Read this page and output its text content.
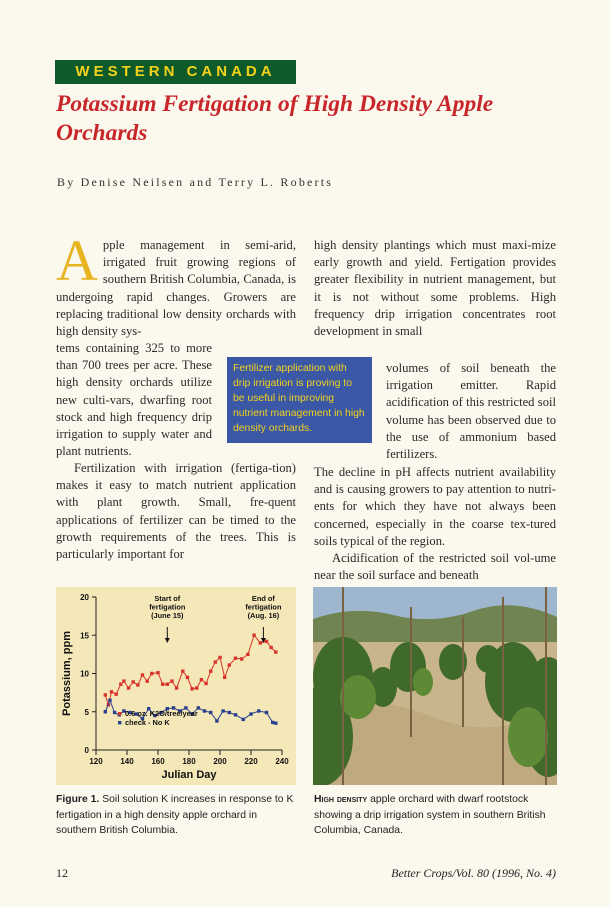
WESTERN CANADA
Potassium Fertigation of High Density Apple Orchards
By Denise Neilsen and Terry L. Roberts
A pple management in semi-arid, irrigated fruit growing regions of southern British Columbia, Canada, is undergoing rapid changes. Growers are replacing traditional low density orchards with high density sys-

tems containing 325 to more than 700 trees per acre. These high density orchards utilize new culti-vars, dwarfing root stock and high frequency drip irrigation to supply water and plant nutrients.

Fertilization with irrigation (fertiga-tion) makes it easy to match nutrient application with plant growth. Small, fre-quent applications of fertilizer can be timed to the growth requirements of the trees. This is particularly important for

high density plantings which must maxi-mize early growth and yield. Fertigation provides greater flexibility in nutrient management, but it is not without some problems. High frequency drip irrigation concentrates root development in small

volumes of soil beneath the irrigation emitter. Rapid acidification of this restricted soil volume has been observed due to the use of ammonium based fertilizers.

The decline in pH affects nutrient availability and is causing growers to pay attention to nutri-ents for which they have not always been concerned, especially in the coarse tex-tured soils typical of the region.

Acidification of the restricted soil vol-ume near the soil surface and beneath

Fertilizer application with drip irrigation is proving to be useful in improving nutrient management in high density orchards.
0
5
10
15
20
120 140 160 180 200 220 240
Julian Day
Potassium, ppm
Start of
fertigation
(June 15)
End of
fertigation
(Aug. 16)
0.6 oz. K2O/tree/year
check - No K
Figure 1. Soil solution K increases in response to K fertigation in a high density apple orchard in southern British Columbia.
High density apple orchard with dwarf rootstock showing a drip irrigation system in southern British Columbia, Canada.
12	Better Crops/Vol. 80 (1996, No. 4)
